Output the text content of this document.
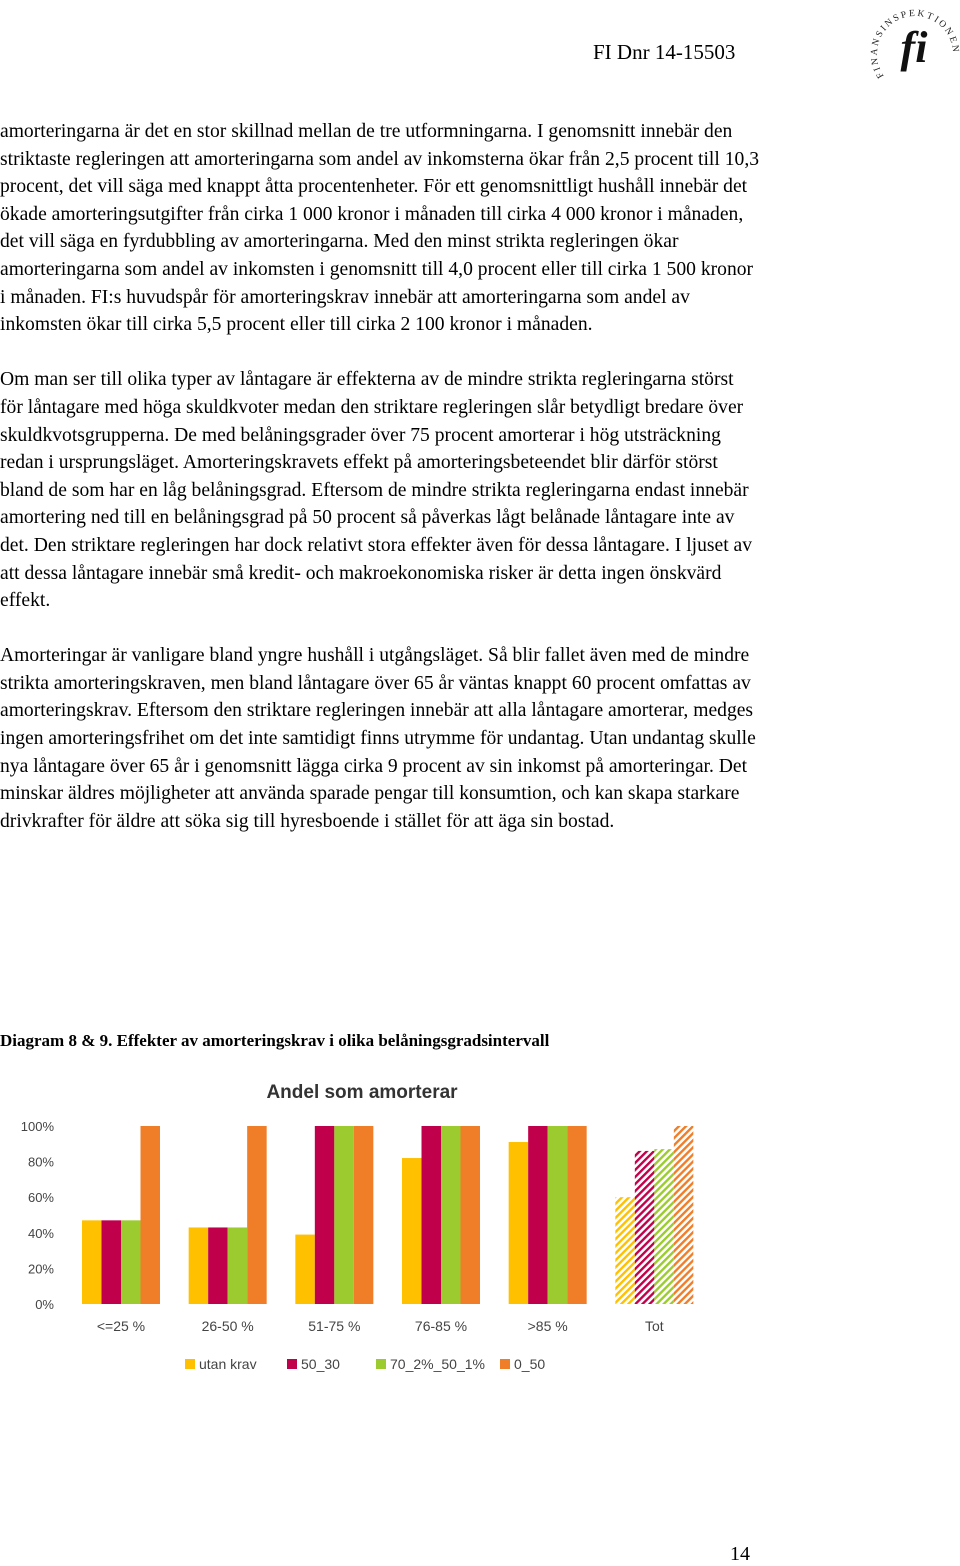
FI Dnr 14-15503
FINANSINSPEKTIONEN
fi

amorteringarna är det en stor skillnad mellan de tre utformningarna. I genomsnitt innebär den striktaste regleringen att amorteringarna som andel av inkomsterna ökar från 2,5 procent till 10,3 procent, det vill säga med knappt åtta procentenheter. För ett genomsnittligt hushåll innebär det ökade amorteringsutgifter från cirka 1 000 kronor i månaden till cirka 4 000 kronor i månaden, det vill säga en fyrdubbling av amorteringarna. Med den minst strikta regleringen ökar amorteringarna som andel av inkomsten i genomsnitt till 4,0 procent eller till cirka 1 500 kronor i månaden. FI:s huvudspår för amorteringskrav innebär att amorteringarna som andel av inkomsten ökar till cirka 5,5 procent eller till cirka 2 100 kronor i månaden.

Om man ser till olika typer av låntagare är effekterna av de mindre strikta regleringarna störst för låntagare med höga skuldkvoter medan den striktare regleringen slår betydligt bredare över skuldkvotsgrupperna. De med belåningsgrader över 75 procent amorterar i hög utsträckning redan i ursprungsläget. Amorteringskravets effekt på amorteringsbeteendet blir därför störst bland de som har en låg belåningsgrad. Eftersom de mindre strikta regleringarna endast innebär amortering ned till en belåningsgrad på 50 procent så påverkas lågt belånade låntagare inte av det. Den striktare regleringen har dock relativt stora effekter även för dessa låntagare. I ljuset av att dessa låntagare innebär små kredit- och makroekonomiska risker är detta ingen önskvärd effekt.

Amorteringar är vanligare bland yngre hushåll i utgångsläget. Så blir fallet även med de mindre strikta amorteringskraven, men bland låntagare över 65 år väntas knappt 60 procent omfattas av amorteringskrav. Eftersom den striktare regleringen innebär att alla låntagare amorterar, medges ingen amorteringsfrihet om det inte samtidigt finns utrymme för undantag. Utan undantag skulle nya låntagare över 65 år i genomsnitt lägga cirka 9 procent av sin inkomst på amorteringar. Det minskar äldres möjligheter att använda sparade pengar till konsumtion, och kan skapa starkare drivkrafter för äldre att söka sig till hyresboende i stället för att äga sin bostad.

Diagram 8 & 9. Effekter av amorteringskrav i olika belåningsgradsintervall
Andel som amorterar
0%
20%
40%
60%
80%
100%
<=25 %	26-50 %	51-75 %	76-85 %	>85 %	Tot
utan krav	50_30	70_2%_50_1% 0_50
14
